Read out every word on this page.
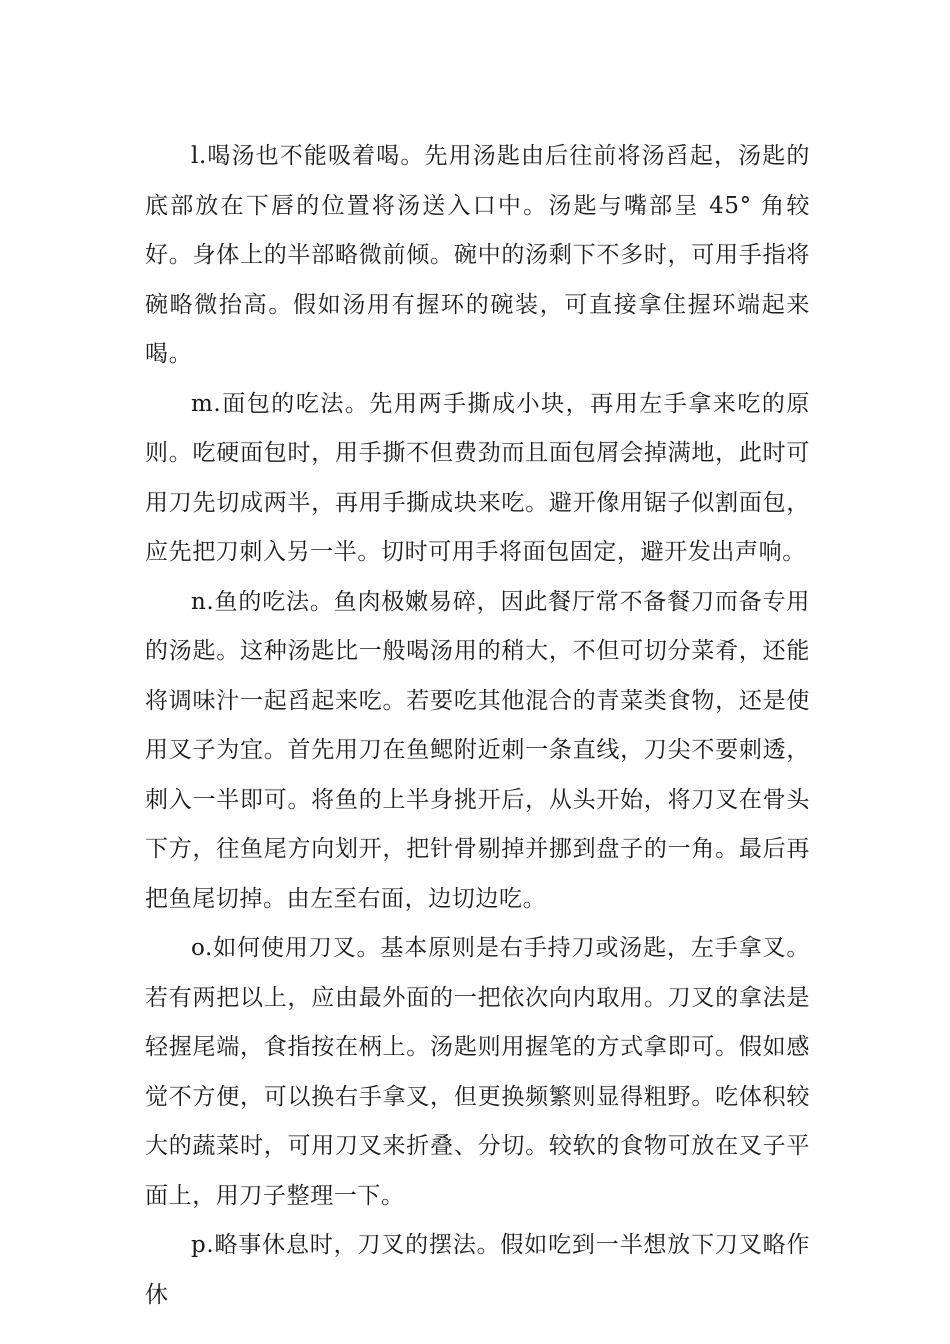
l.喝汤也不能吸着喝。先用汤匙由后往前将汤舀起，汤匙的底部放在下唇的位置将汤送入口中。汤匙与嘴部呈 45° 角较好。身体上的半部略微前倾。碗中的汤剩下不多时，可用手指将碗略微抬高。假如汤用有握环的碗装，可直接拿住握环端起来喝。

m.面包的吃法。先用两手撕成小块，再用左手拿来吃的原则。吃硬面包时，用手撕不但费劲而且面包屑会掉满地，此时可用刀先切成两半，再用手撕成块来吃。避开像用锯子似割面包，应先把刀刺入另一半。切时可用手将面包固定，避开发出声响。

n.鱼的吃法。鱼肉极嫩易碎，因此餐厅常不备餐刀而备专用的汤匙。这种汤匙比一般喝汤用的稍大，不但可切分菜肴，还能将调味汁一起舀起来吃。若要吃其他混合的青菜类食物，还是使用叉子为宜。首先用刀在鱼鳃附近刺一条直线，刀尖不要刺透，刺入一半即可。将鱼的上半身挑开后，从头开始，将刀叉在骨头下方，往鱼尾方向划开，把针骨剔掉并挪到盘子的一角。最后再把鱼尾切掉。由左至右面，边切边吃。

o.如何使用刀叉。基本原则是右手持刀或汤匙，左手拿叉。若有两把以上，应由最外面的一把依次向内取用。刀叉的拿法是轻握尾端，食指按在柄上。汤匙则用握笔的方式拿即可。假如感觉不方便，可以换右手拿叉，但更换频繁则显得粗野。吃体积较大的蔬菜时，可用刀叉来折叠、分切。较软的食物可放在叉子平面上，用刀子整理一下。

p.略事休息时，刀叉的摆法。假如吃到一半想放下刀叉略作休
